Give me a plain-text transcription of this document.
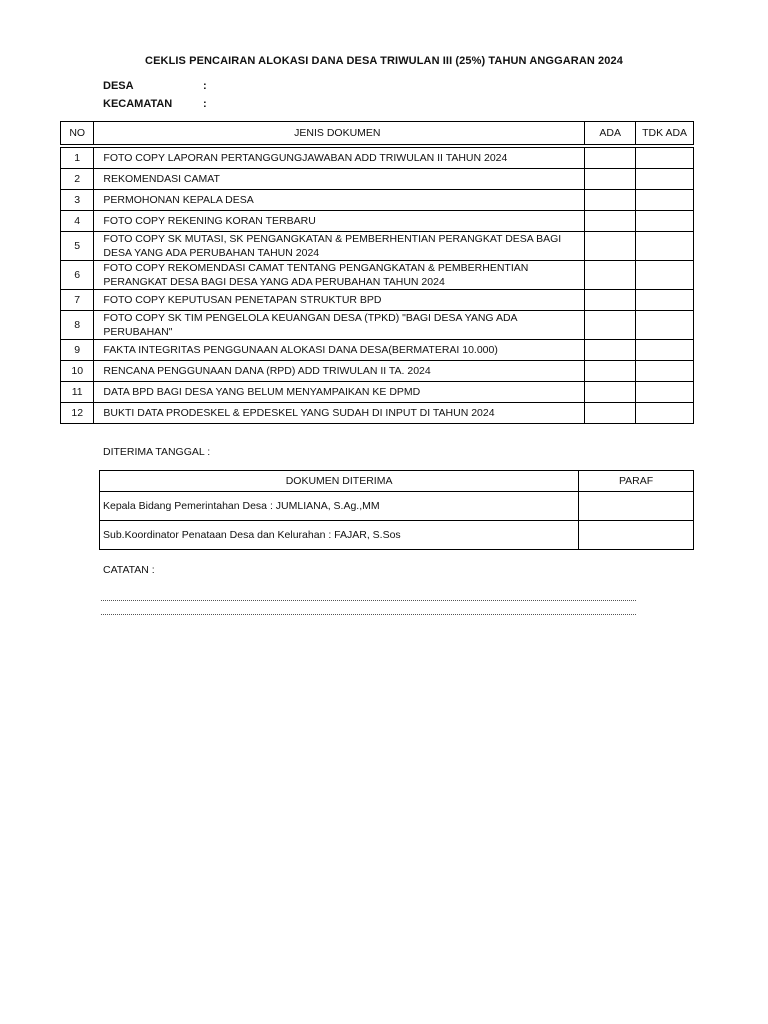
CEKLIS PENCAIRAN ALOKASI DANA DESA TRIWULAN III (25%) TAHUN ANGGARAN 2024
DESA	:
KECAMATAN	:
NO	JENIS DOKUMEN	ADA	TDK ADA

1	FOTO COPY LAPORAN PERTANGGUNGJAWABAN ADD TRIWULAN II TAHUN 2024		
2	REKOMENDASI CAMAT		
3	PERMOHONAN KEPALA DESA		
4	FOTO COPY REKENING KORAN TERBARU		
5	FOTO COPY SK MUTASI, SK PENGANGKATAN & PEMBERHENTIAN PERANGKAT DESA BAGI DESA YANG ADA PERUBAHAN TAHUN 2024		
6	FOTO COPY REKOMENDASI CAMAT TENTANG PENGANGKATAN & PEMBERHENTIAN PERANGKAT DESA BAGI DESA YANG ADA PERUBAHAN TAHUN 2024		
7	FOTO COPY KEPUTUSAN PENETAPAN STRUKTUR BPD		
8	FOTO COPY SK TIM PENGELOLA KEUANGAN DESA (TPKD) "BAGI DESA YANG ADA PERUBAHAN"		
9	FAKTA INTEGRITAS PENGGUNAAN ALOKASI DANA DESA(BERMATERAI 10.000)		
10	RENCANA PENGGUNAAN DANA (RPD) ADD TRIWULAN II TA. 2024		
11	DATA BPD BAGI DESA YANG BELUM MENYAMPAIKAN KE DPMD		
12	BUKTI DATA PRODESKEL & EPDESKEL YANG SUDAH DI INPUT DI TAHUN 2024		
DITERIMA TANGGAL :
DOKUMEN DITERIMA	PARAF
Kepala Bidang Pemerintahan Desa : JUMLIANA, S.Ag.,MM	
Sub.Koordinator Penataan Desa dan Kelurahan : FAJAR, S.Sos	
CATATAN :
